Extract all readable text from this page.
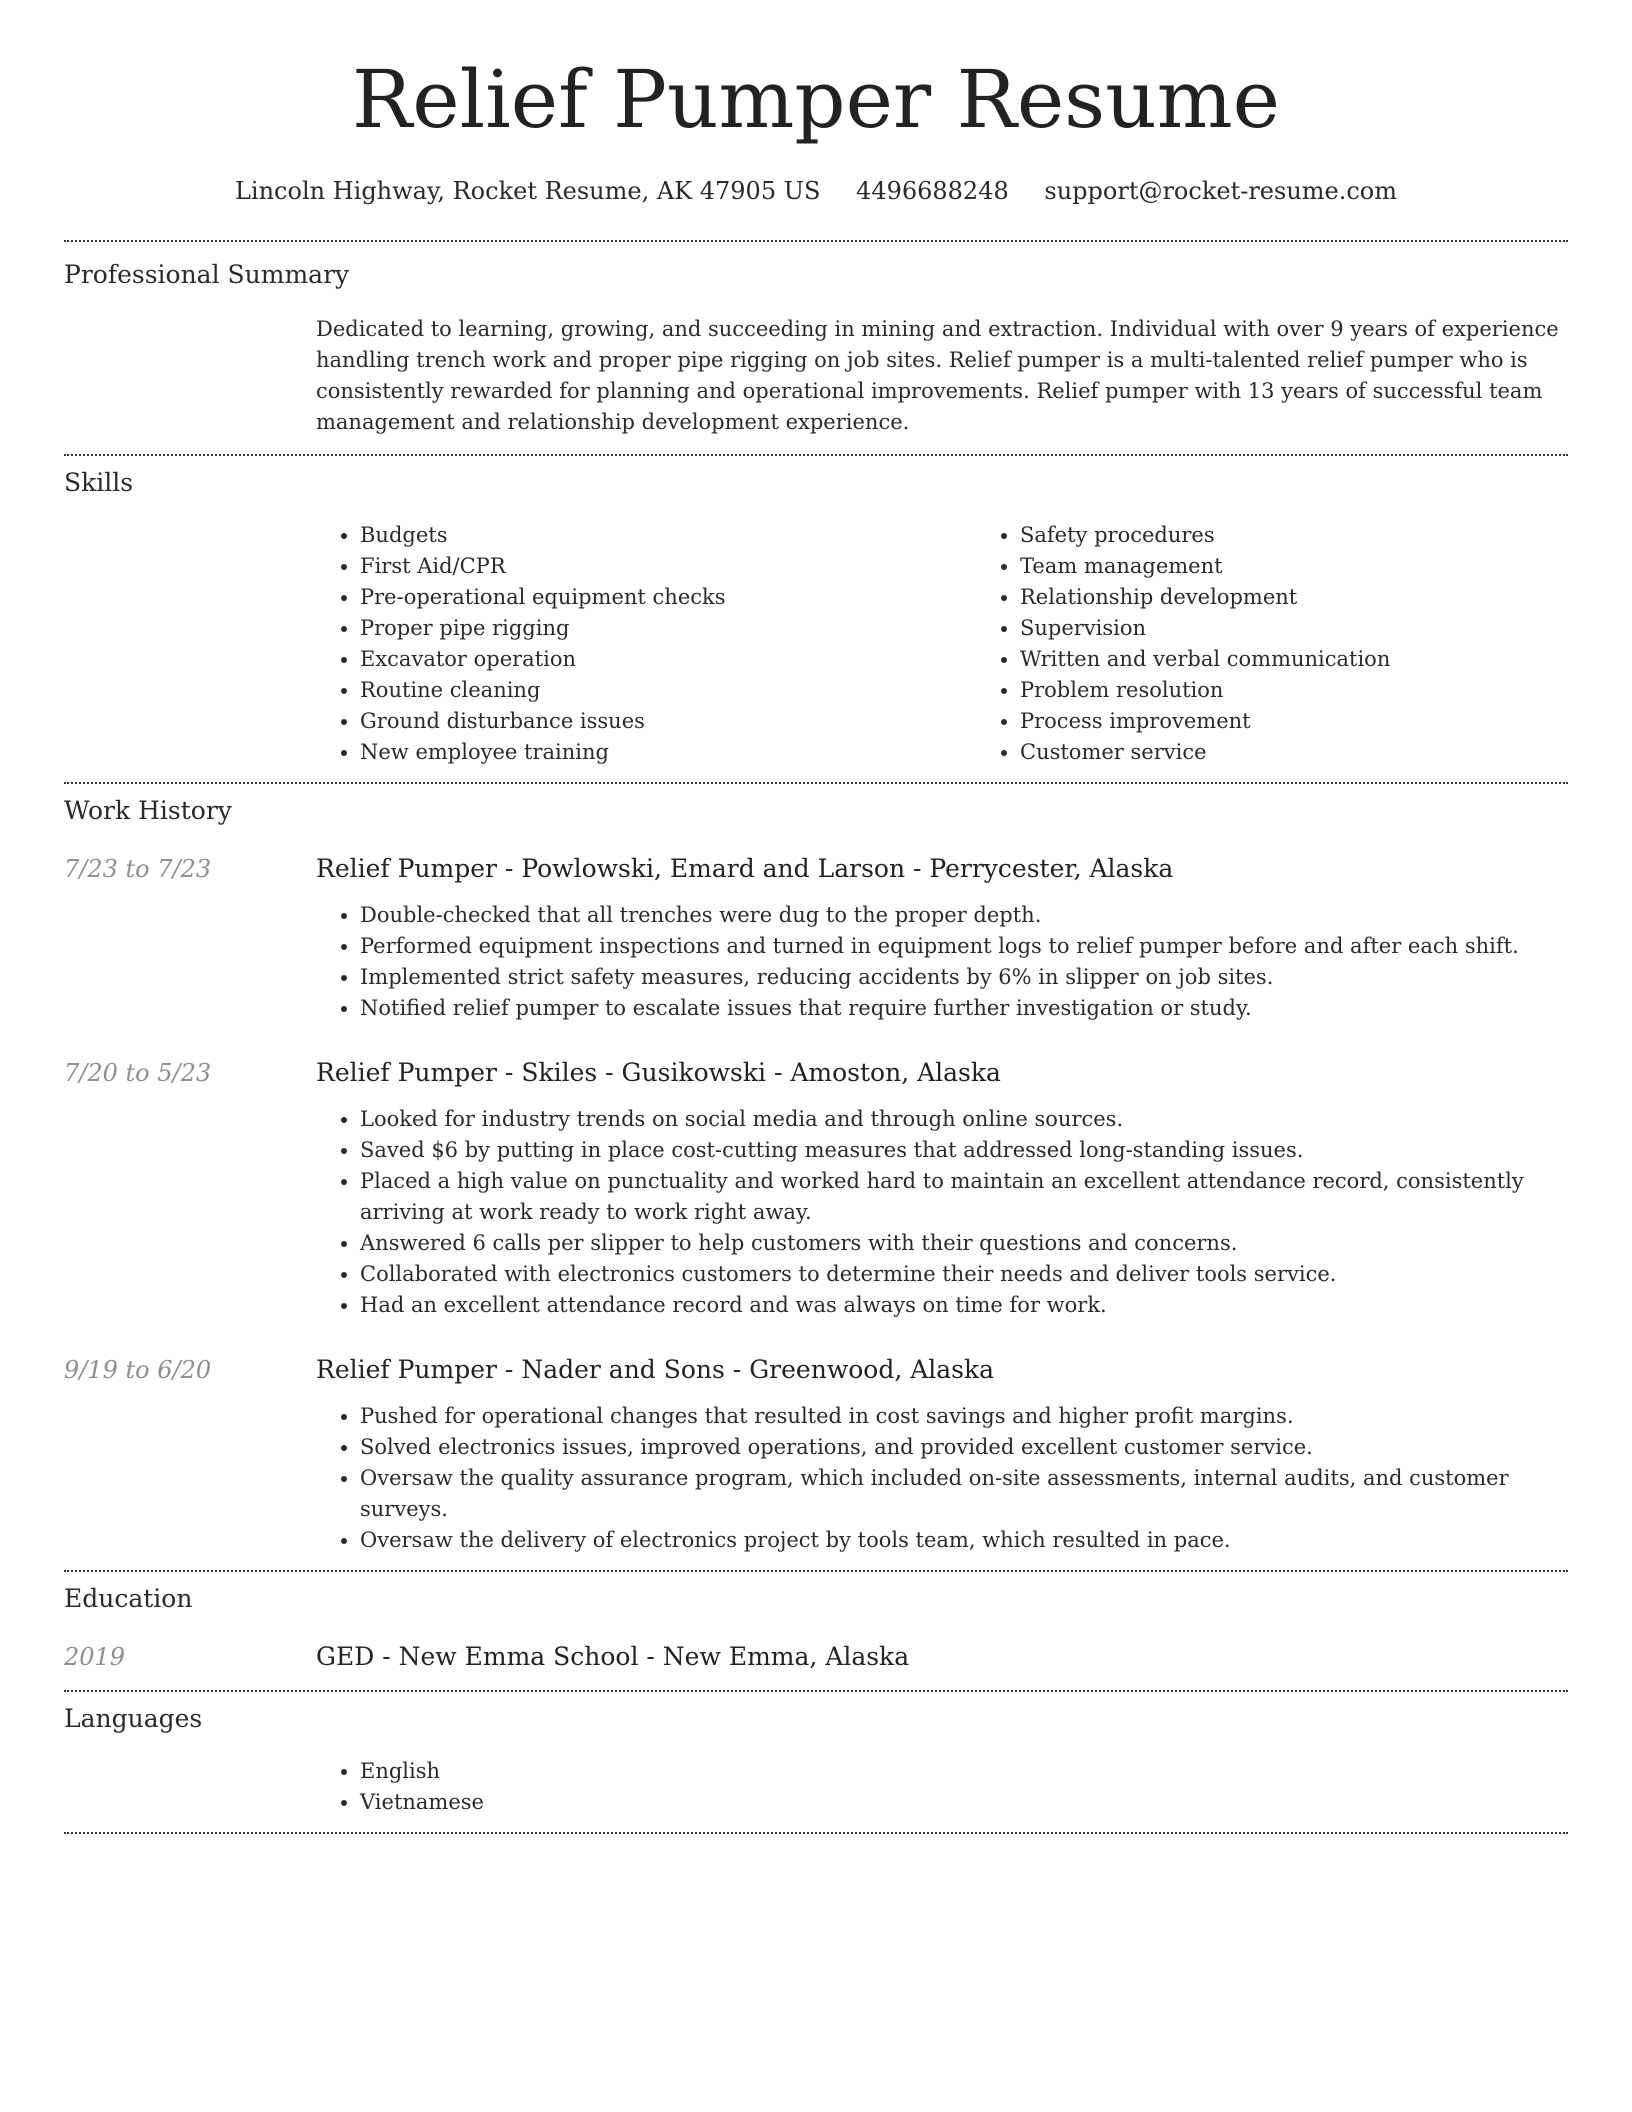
Relief Pumper Resume
Lincoln Highway, Rocket Resume, AK 47905 US 4496688248 support@rocket-resume.com
Professional Summary

Dedicated to learning, growing, and succeeding in mining and extraction. Individual with over 9 years of experience handling trench work and proper pipe rigging on job sites. Relief pumper is a multi-talented relief pumper who is consistently rewarded for planning and operational improvements. Relief pumper with 13 years of successful team management and relationship development experience.

Skills
• Budgets
• First Aid/CPR
• Pre-operational equipment checks
• Proper pipe rigging
• Excavator operation
• Routine cleaning
• Ground disturbance issues
• New employee training
• Safety procedures
• Team management
• Relationship development
• Supervision
• Written and verbal communication
• Problem resolution
• Process improvement
• Customer service
Work History
7/23 to 7/23	Relief Pumper - Powlowski, Emard and Larson - Perrycester, Alaska
• Double-checked that all trenches were dug to the proper depth.
• Performed equipment inspections and turned in equipment logs to relief pumper before and after each shift.
• Implemented strict safety measures, reducing accidents by 6% in slipper on job sites.
• Notified relief pumper to escalate issues that require further investigation or study.
7/20 to 5/23	Relief Pumper - Skiles - Gusikowski - Amoston, Alaska
• Looked for industry trends on social media and through online sources.
• Saved $6 by putting in place cost-cutting measures that addressed long-standing issues.
• Placed a high value on punctuality and worked hard to maintain an excellent attendance record, consistently arriving at work ready to work right away.
• Answered 6 calls per slipper to help customers with their questions and concerns.
• Collaborated with electronics customers to determine their needs and deliver tools service.
• Had an excellent attendance record and was always on time for work.
9/19 to 6/20	Relief Pumper - Nader and Sons - Greenwood, Alaska
• Pushed for operational changes that resulted in cost savings and higher profit margins.
• Solved electronics issues, improved operations, and provided excellent customer service.
• Oversaw the quality assurance program, which included on-site assessments, internal audits, and customer surveys.
• Oversaw the delivery of electronics project by tools team, which resulted in pace.
Education
2019	GED - New Emma School - New Emma, Alaska
Languages
• English
• Vietnamese
